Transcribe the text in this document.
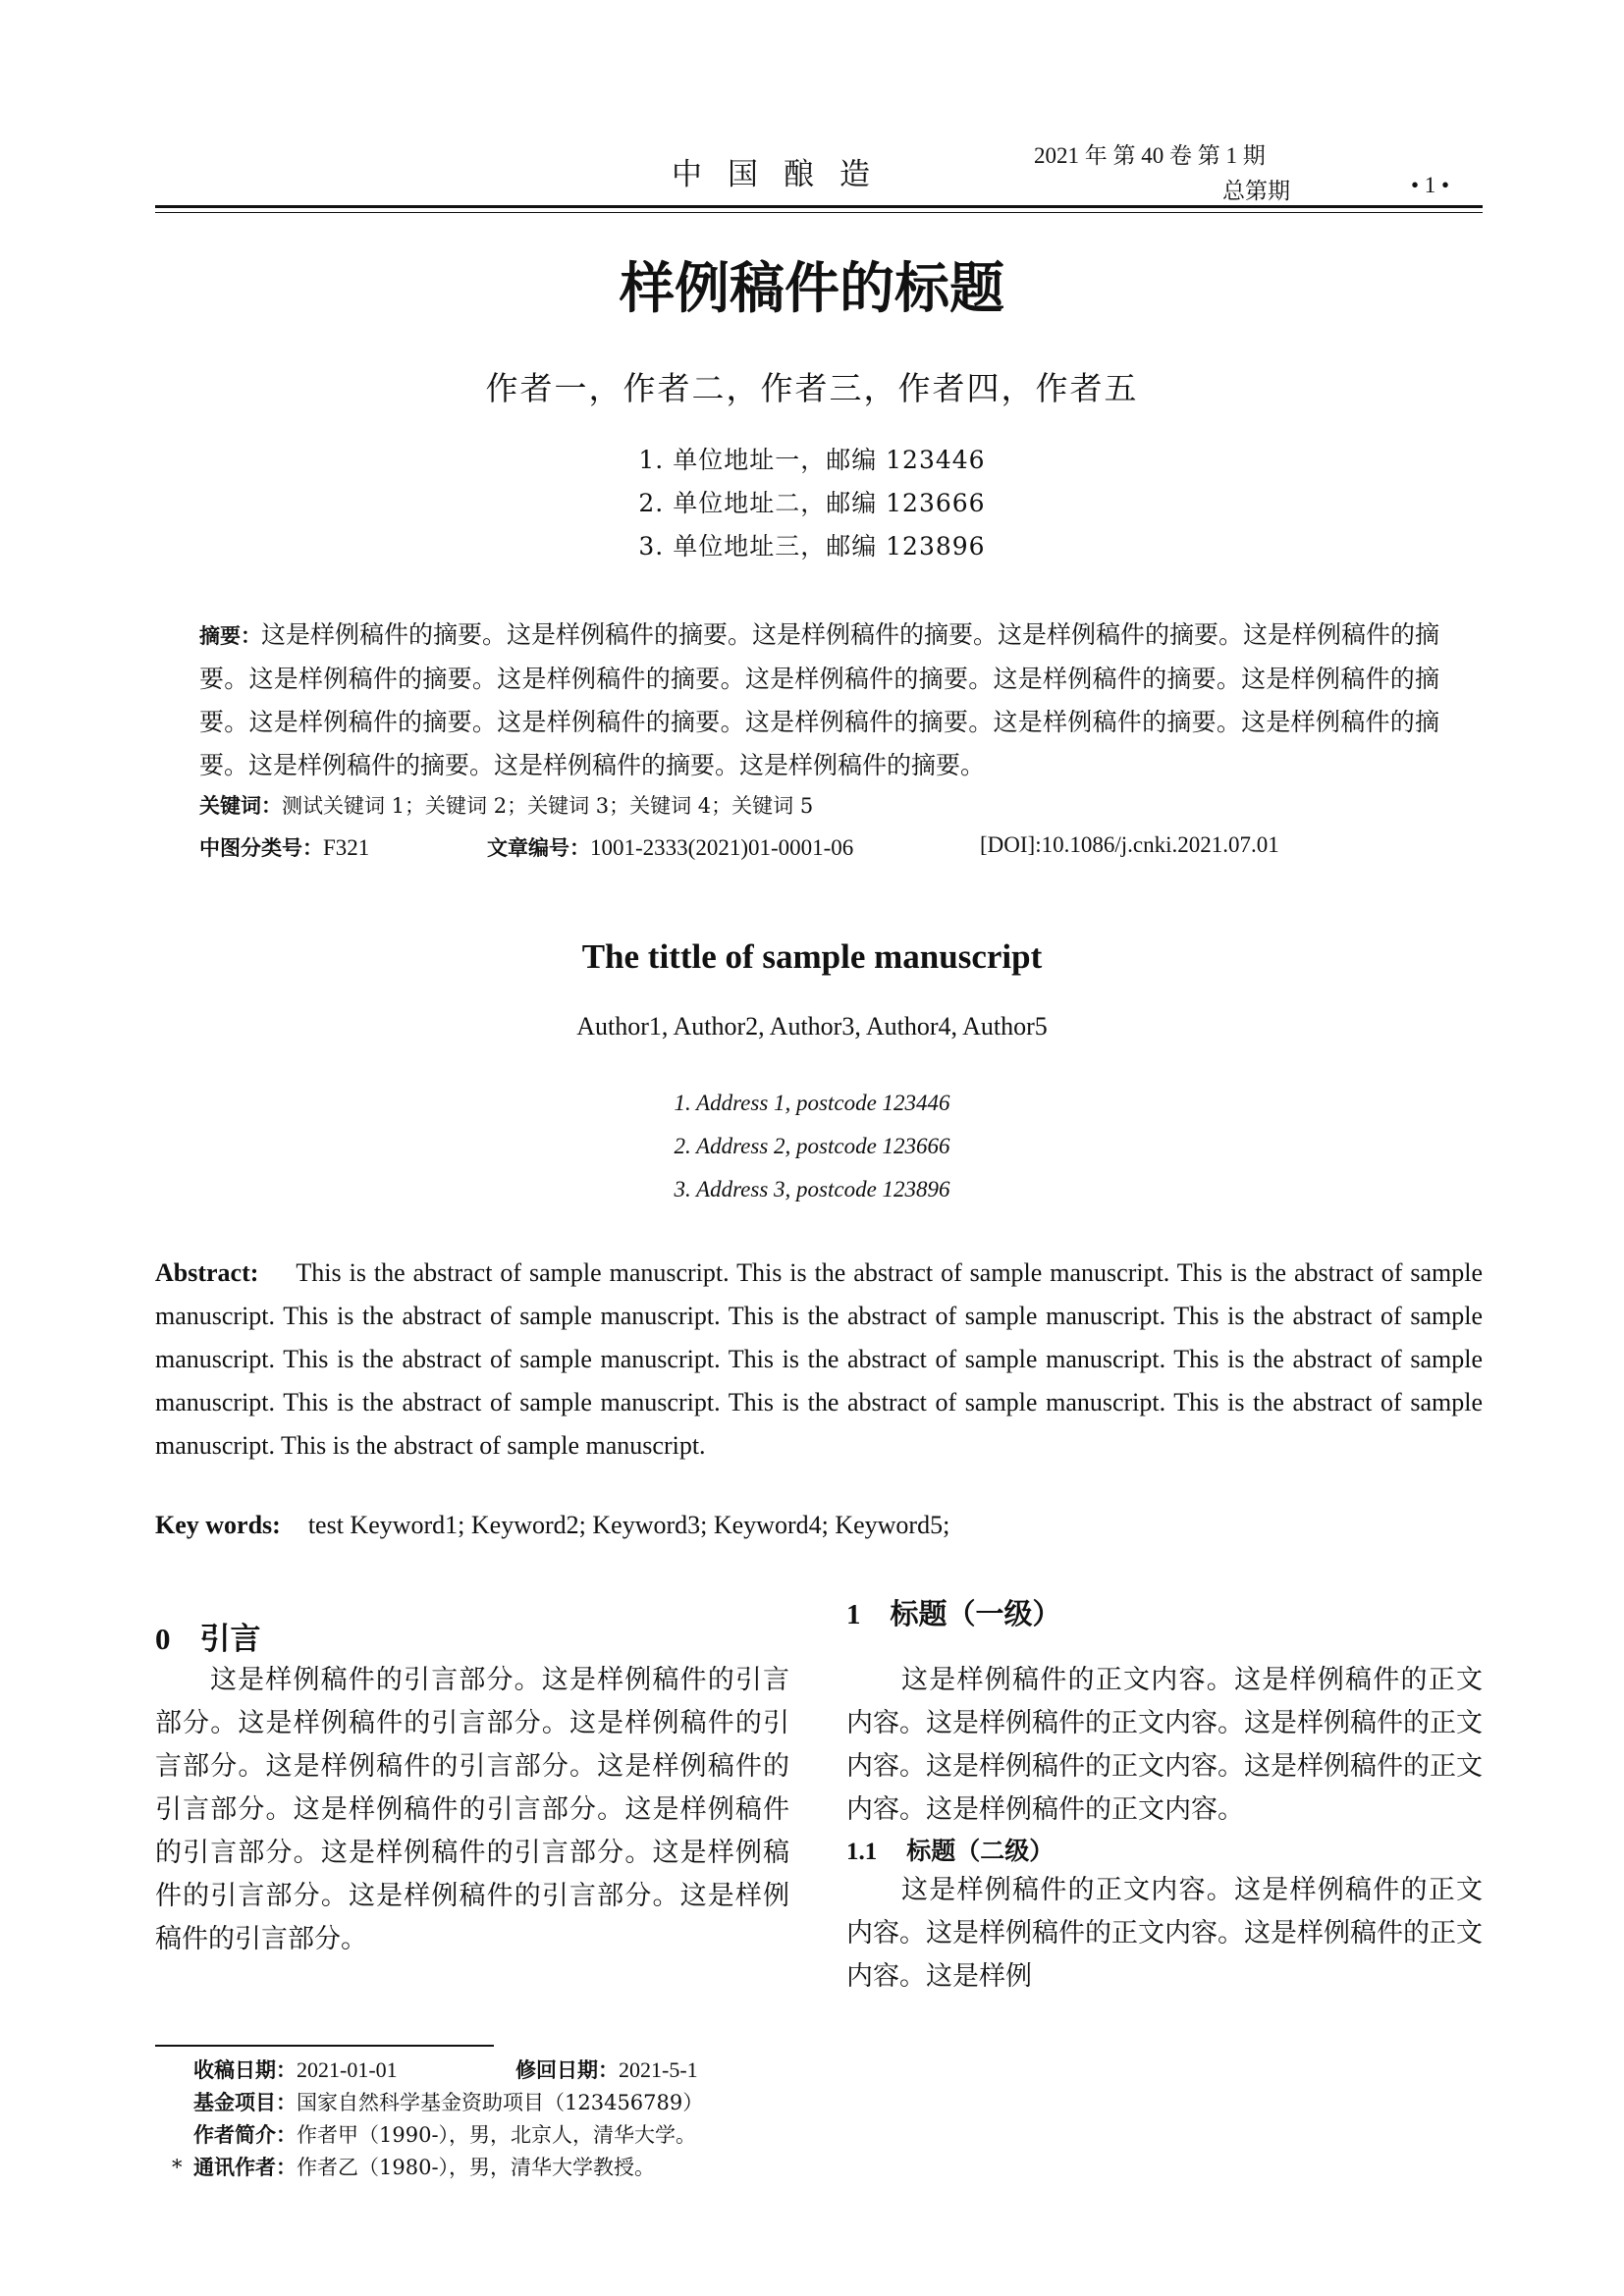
中国酿造
2021 年 第 40 卷 第 1 期
总第期	• 1 •
样例稿件的标题
作者一，作者二，作者三，作者四，作者五
1. 单位地址一，邮编 123446
2. 单位地址二，邮编 123666
3. 单位地址三，邮编 123896
摘要：这是样例稿件的摘要。这是样例稿件的摘要。这是样例稿件的摘要。这是样例稿件的摘要。这是样例稿件的摘要。这是样例稿件的摘要。这是样例稿件的摘要。这是样例稿件的摘要。这是样例稿件的摘要。这是样例稿件的摘要。这是样例稿件的摘要。这是样例稿件的摘要。这是样例稿件的摘要。这是样例稿件的摘要。这是样例稿件的摘要。这是样例稿件的摘要。这是样例稿件的摘要。这是样例稿件的摘要。
关键词：测试关键词 1；关键词 2；关键词 3；关键词 4；关键词 5
中图分类号：F321	文章编号：1001-2333(2021)01-0001-06	[DOI]:10.1086/j.cnki.2021.07.01
The tittle of sample manuscript
Author1, Author2, Author3, Author4, Author5
1. Address 1, postcode 123446
2. Address 2, postcode 123666
3. Address 3, postcode 123896
Abstract: This is the abstract of sample manuscript. This is the abstract of sample manuscript. This is the abstract of sample manuscript. This is the abstract of sample manuscript. This is the abstract of sample manuscript. This is the abstract of sample manuscript. This is the abstract of sample manuscript. This is the abstract of sample manuscript. This is the abstract of sample manuscript. This is the abstract of sample manuscript. This is the abstract of sample manuscript. This is the abstract of sample manuscript. This is the abstract of sample manuscript.
Key words: test Keyword1; Keyword2; Keyword3; Keyword4; Keyword5;
0 引言
这是样例稿件的引言部分。这是样例稿件的引言部分。这是样例稿件的引言部分。这是样例稿件的引言部分。这是样例稿件的引言部分。这是样例稿件的引言部分。这是样例稿件的引言部分。这是样例稿件的引言部分。这是样例稿件的引言部分。这是样例稿件的引言部分。这是样例稿件的引言部分。这是样例稿件的引言部分。
1 标题（一级）
这是样例稿件的正文内容。这是样例稿件的正文内容。这是样例稿件的正文内容。这是样例稿件的正文内容。这是样例稿件的正文内容。这是样例稿件的正文内容。这是样例稿件的正文内容。
1.1 标题（二级）
这是样例稿件的正文内容。这是样例稿件的正文内容。这是样例稿件的正文内容。这是样例稿件的正文内容。这是样例
收稿日期：2021-01-01	修回日期：2021-5-1
基金项目：国家自然科学基金资助项目（123456789）
作者简介：作者甲（1990-），男，北京人，清华大学。
* 通讯作者：作者乙（1980-），男，清华大学教授。
